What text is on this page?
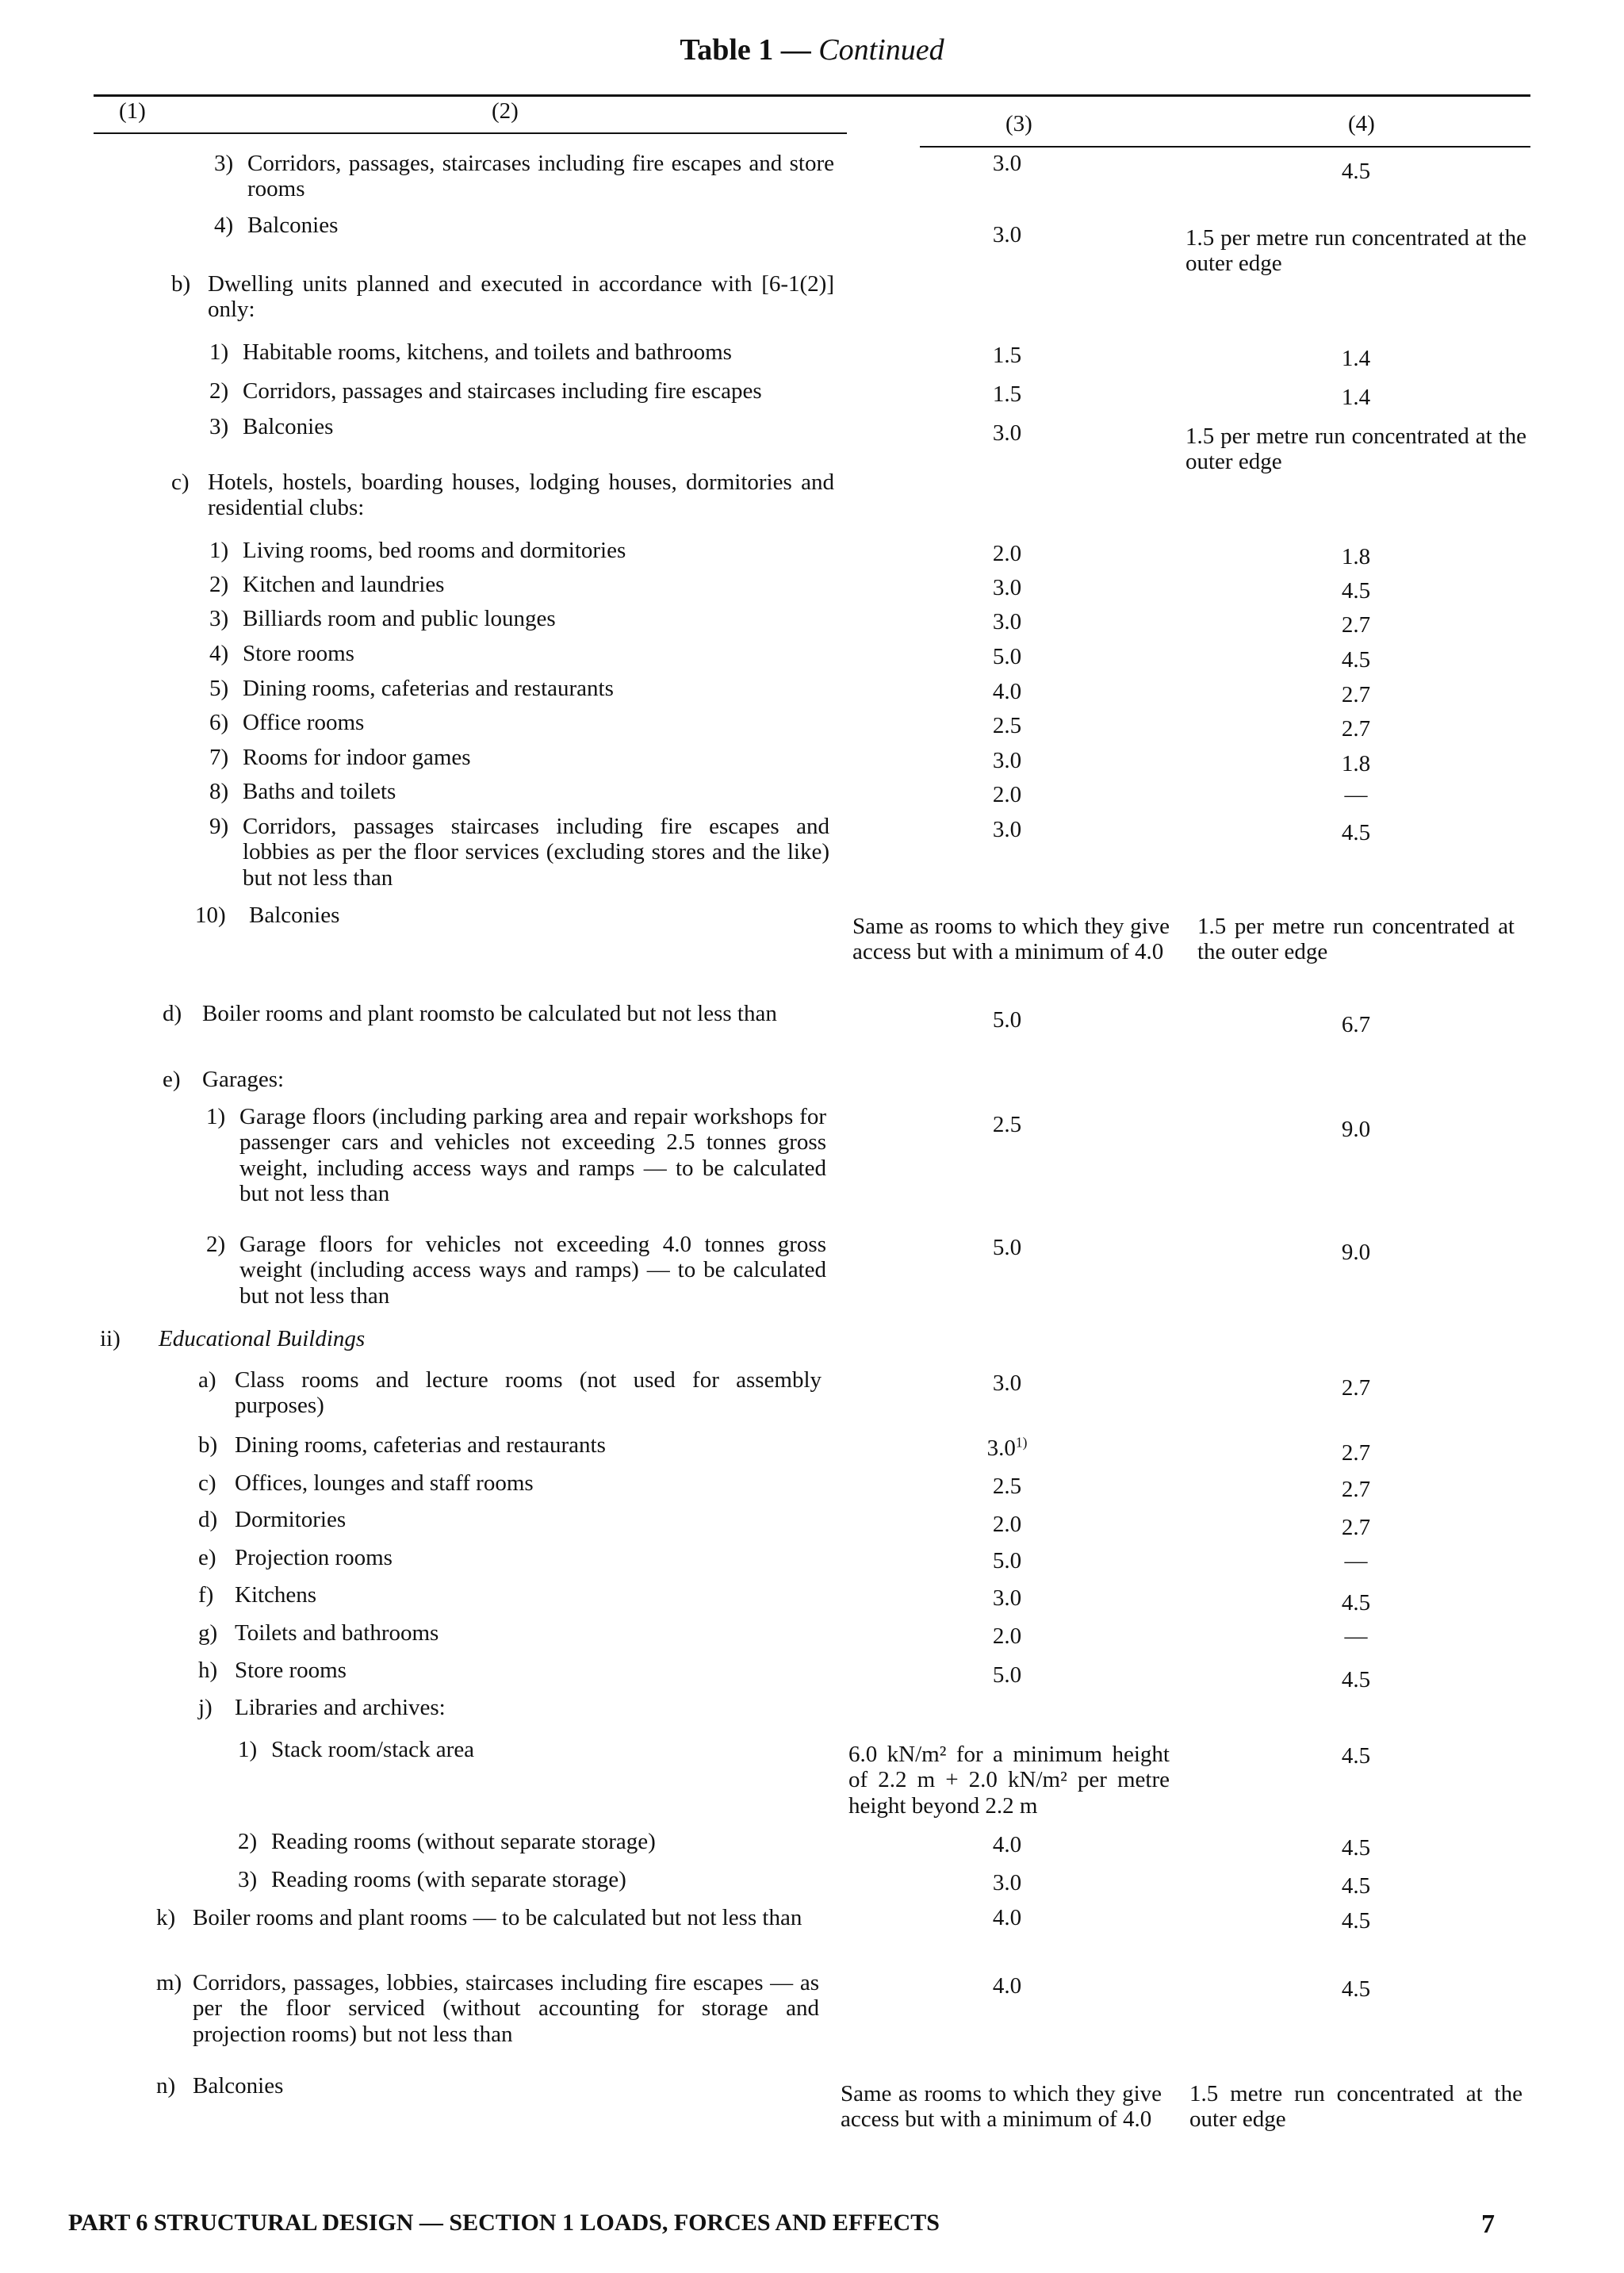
Table 1 — Continued
(1)	(2)	(3)	(4)
3) Corridors, passages, staircases including fire escapes and store rooms
3.0	4.5
4) Balconies	3.0	1.5 per metre run concentrated at the outer edge
b) Dwelling units planned and executed in accordance with [6-1(2)] only:
1) Habitable rooms, kitchens, and toilets and bathrooms	1.5	1.4
2) Corridors, passages and staircases including fire escapes	1.5	1.4
3) Balconies	3.0	1.5 per metre run concentrated at the outer edge
c) Hotels, hostels, boarding houses, lodging houses, dormitories and residential clubs:
1) Living rooms, bed rooms and dormitories	2.0	1.8
2) Kitchen and laundries	3.0	4.5
3) Billiards room and public lounges	3.0	2.7
4) Store rooms	5.0	4.5
5) Dining rooms, cafeterias and restaurants	4.0	2.7
6) Office rooms	2.5	2.7
7) Rooms for indoor games	3.0	1.8
8) Baths and toilets	2.0	—
9) Corridors, passages staircases including fire escapes and lobbies as per the floor services (excluding stores and the like) but not less than
3.0	4.5
10)	Balconies	Same as rooms to which they give access but with a minimum of 4.0
1.5 per metre run concentrated at the outer edge
d) Boiler rooms and plant roomsto be calculated but not less than	5.0	6.7
e) Garages:
1) Garage floors (including parking area and repair workshops for passenger cars and vehicles not exceeding 2.5 tonnes gross weight, including access ways and ramps — to be calculated but not less than
2.5	9.0
2) Garage floors for vehicles not exceeding 4.0 tonnes gross weight (including access ways and ramps) — to be calculated but not less than
5.0	9.0
ii)	Educational Buildings
a) Class rooms and lecture rooms (not used for assembly purposes)
3.0	2.7
b) Dining rooms, cafeterias and restaurants	3.0$^{1)}$	2.7
c) Offices, lounges and staff rooms	2.5	2.7
d) Dormitories	2.0	2.7
e) Projection rooms	5.0	—
f) Kitchens	3.0	4.5
g) Toilets and bathrooms	2.0	—
h) Store rooms	5.0	4.5
j) Libraries and archives:
1) Stack room/stack area	6.0 kN/m² for a minimum height of 2.2 m + 2.0 kN/m² per metre height beyond 2.2 m
4.5
2) Reading rooms (without separate storage)	4.0	4.5
3) Reading rooms (with separate storage)	3.0	4.5
k) Boiler rooms and plant rooms — to be calculated but not less than	4.0	4.5
m) Corridors, passages, lobbies, staircases including fire escapes — as per the floor serviced (without accounting for storage and projection rooms) but not less than
4.0	4.5
n) Balconies	Same as rooms to which they give access but with a minimum of 4.0
1.5 metre run concentrated at the outer edge
PART 6 STRUCTURAL DESIGN — SECTION 1 LOADS, FORCES AND EFFECTS	7
